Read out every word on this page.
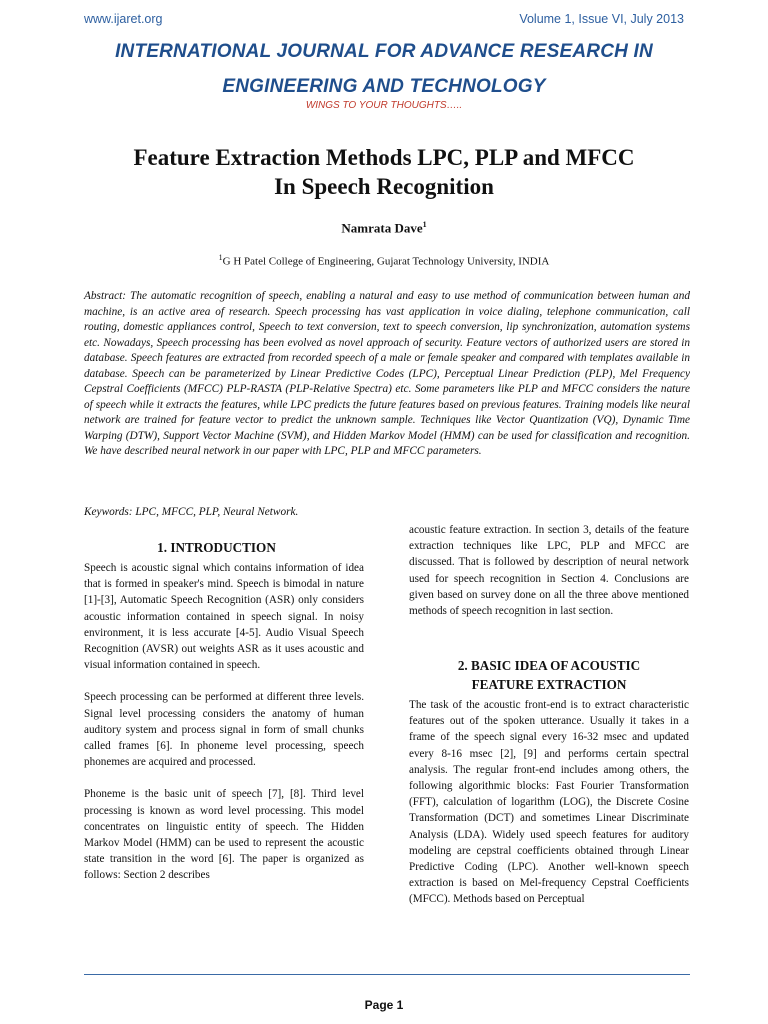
www.ijaret.org	Volume 1, Issue VI, July 2013
INTERNATIONAL JOURNAL FOR ADVANCE RESEARCH IN
ENGINEERING AND TECHNOLOGY
WINGS TO YOUR THOUGHTS…..
Feature Extraction Methods LPC, PLP and MFCC
In Speech Recognition
Namrata Dave$^1$
$^1$G H Patel College of Engineering, Gujarat Technology University, INDIA
Abstract: The automatic recognition of speech, enabling a natural and easy to use method of communication between human and machine, is an active area of research. Speech processing has vast application in voice dialing, telephone communication, call routing, domestic appliances control, Speech to text conversion, text to speech conversion, lip synchronization, automation systems etc. Nowadays, Speech processing has been evolved as novel approach of security. Feature vectors of authorized users are stored in database. Speech features are extracted from recorded speech of a male or female speaker and compared with templates available in database. Speech can be parameterized by Linear Predictive Codes (LPC), Perceptual Linear Prediction (PLP), Mel Frequency Cepstral Coefficients (MFCC) PLP-RASTA (PLP-Relative Spectra) etc. Some parameters like PLP and MFCC considers the nature of speech while it extracts the features, while LPC predicts the future features based on previous features. Training models like neural network are trained for feature vector to predict the unknown sample. Techniques like Vector Quantization (VQ), Dynamic Time Warping (DTW), Support Vector Machine (SVM), and Hidden Markov Model (HMM) can be used for classification and recognition. We have described neural network in our paper with LPC, PLP and MFCC parameters.
Keywords: LPC, MFCC, PLP, Neural Network.
1. INTRODUCTION

Speech is acoustic signal which contains information of idea that is formed in speaker's mind. Speech is bimodal in nature [1]-[3], Automatic Speech Recognition (ASR) only considers acoustic information contained in speech signal. In noisy environment, it is less accurate [4-5]. Audio Visual Speech Recognition (AVSR) out weights ASR as it uses acoustic and visual information contained in speech.

Speech processing can be performed at different three levels. Signal level processing considers the anatomy of human auditory system and process signal in form of small chunks called frames [6]. In phoneme level processing, speech phonemes are acquired and processed.

Phoneme is the basic unit of speech [7], [8]. Third level processing is known as word level processing. This model concentrates on linguistic entity of speech. The Hidden Markov Model (HMM) can be used to represent the acoustic state transition in the word [6]. The paper is organized as follows: Section 2 describes

acoustic feature extraction. In section 3, details of the feature extraction techniques like LPC, PLP and MFCC are discussed. That is followed by description of neural network used for speech recognition in Section 4. Conclusions are given based on survey done on all the three above mentioned methods of speech recognition in last section.

2. BASIC IDEA OF ACOUSTIC
FEATURE EXTRACTION

The task of the acoustic front-end is to extract characteristic features out of the spoken utterance. Usually it takes in a frame of the speech signal every 16-32 msec and updated every 8-16 msec [2], [9] and performs certain spectral analysis. The regular front-end includes among others, the following algorithmic blocks: Fast Fourier Transformation (FFT), calculation of logarithm (LOG), the Discrete Cosine Transformation (DCT) and sometimes Linear Discriminate Analysis (LDA). Widely used speech features for auditory modeling are cepstral coefficients obtained through Linear Predictive Coding (LPC). Another well-known speech extraction is based on Mel-frequency Cepstral Coefficients (MFCC). Methods based on Perceptual

Page 1
